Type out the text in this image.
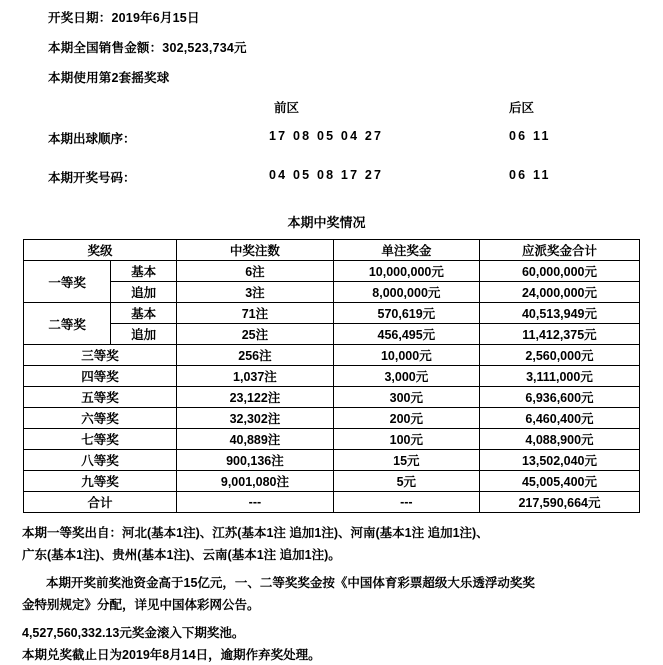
开奖日期：2019年6月15日
本期全国销售金额：302,523,734元
本期使用第2套摇奖球
前区	后区
本期出球顺序：	17 08 05 04 27	06 11
本期开奖号码：	04 05 08 17 27	06 11
本期中奖情况
奖级		中奖注数	单注奖金	应派奖金合计
一等奖	基本	6注	10,000,000元	60,000,000元
	追加	3注	8,000,000元	24,000,000元
二等奖	基本	71注	570,619元	40,513,949元
	追加	25注	456,495元	11,412,375元
三等奖		256注	10,000元	2,560,000元
四等奖		1,037注	3,000元	3,111,000元
五等奖		23,122注	300元	6,936,600元
六等奖		32,302注	200元	6,460,400元
七等奖		40,889注	100元	4,088,900元
八等奖		900,136注	15元	13,502,040元
九等奖		9,001,080注	5元	45,005,400元
合计		---	---	217,590,664元

本期一等奖出自：河北(基本1注)、江苏(基本1注 追加1注)、河南(基本1注 追加1注)、

广东(基本1注)、贵州(基本1注)、云南(基本1注 追加1注)。

本期开奖前奖池资金高于15亿元，一、二等奖奖金按《中国体育彩票超级大乐透浮动奖奖

金特别规定》分配，详见中国体彩网公告。

4,527,560,332.13元奖金滚入下期奖池。

本期兑奖截止日为2019年8月14日，逾期作弃奖处理。
